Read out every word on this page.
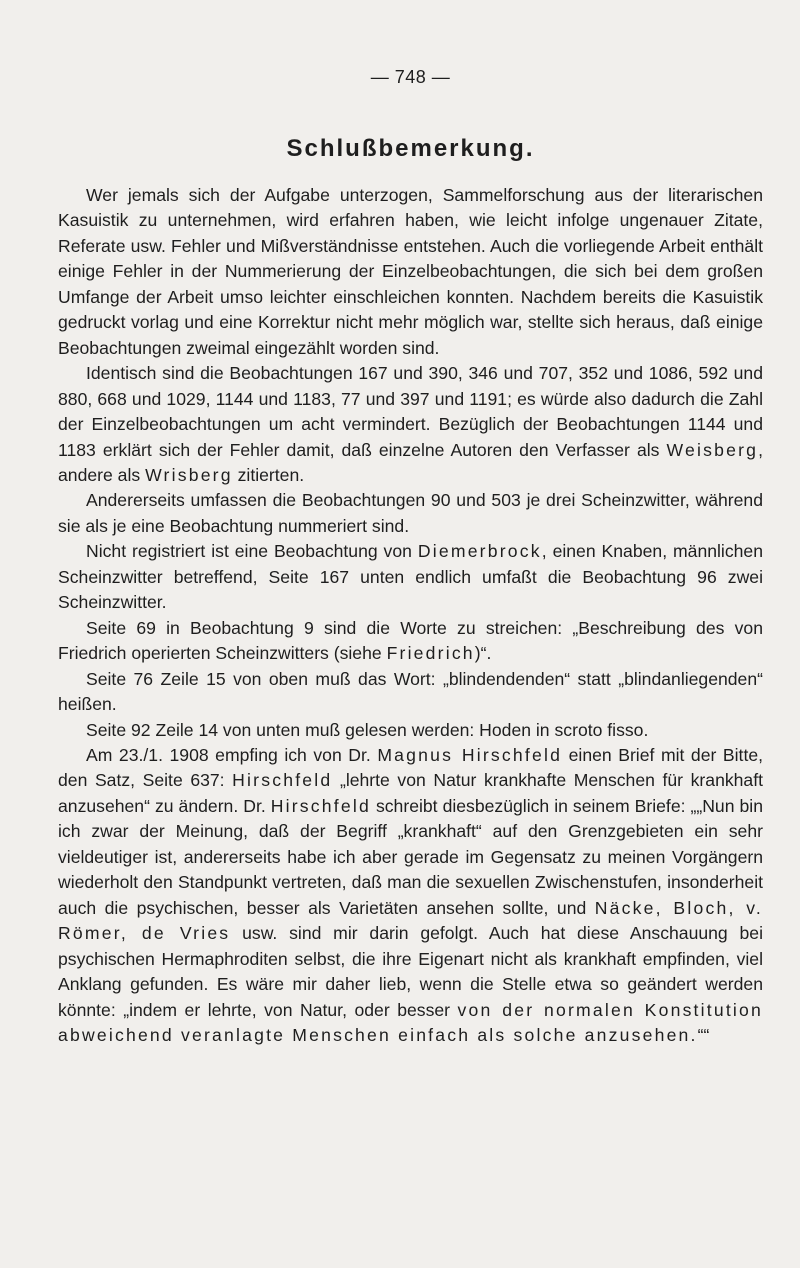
— 748 —
Schlußbemerkung.

Wer jemals sich der Aufgabe unterzogen, Sammelforschung aus der literarischen Kasuistik zu unternehmen, wird erfahren haben, wie leicht infolge ungenauer Zitate, Referate usw. Fehler und Mißverständnisse entstehen. Auch die vorliegende Arbeit enthält einige Fehler in der Nummerierung der Einzelbeobachtungen, die sich bei dem großen Umfange der Arbeit umso leichter einschleichen konnten. Nachdem bereits die Kasuistik gedruckt vorlag und eine Korrektur nicht mehr möglich war, stellte sich heraus, daß einige Beobachtungen zweimal eingezählt worden sind.

Identisch sind die Beobachtungen 167 und 390, 346 und 707, 352 und 1086, 592 und 880, 668 und 1029, 1144 und 1183, 77 und 397 und 1191; es würde also dadurch die Zahl der Einzelbeobachtungen um acht vermindert. Bezüglich der Beobachtungen 1144 und 1183 erklärt sich der Fehler damit, daß einzelne Autoren den Verfasser als Weisberg, andere als Wrisberg zitierten.

Andererseits umfassen die Beobachtungen 90 und 503 je drei Scheinzwitter, während sie als je eine Beobachtung nummeriert sind.

Nicht registriert ist eine Beobachtung von Diemerbrock, einen Knaben, männlichen Scheinzwitter betreffend, Seite 167 unten endlich umfaßt die Beobachtung 96 zwei Scheinzwitter.

Seite 69 in Beobachtung 9 sind die Worte zu streichen: „Beschreibung des von Friedrich operierten Scheinzwitters (siehe Friedrich)“.

Seite 76 Zeile 15 von oben muß das Wort: „blindendenden“ statt „blindanliegenden“ heißen.

Seite 92 Zeile 14 von unten muß gelesen werden: Hoden in scroto fisso.

Am 23./1. 1908 empfing ich von Dr. Magnus Hirschfeld einen Brief mit der Bitte, den Satz, Seite 637: Hirschfeld „lehrte von Natur krankhafte Menschen für krankhaft anzusehen“ zu ändern. Dr. Hirschfeld schreibt diesbezüglich in seinem Briefe: „„Nun bin ich zwar der Meinung, daß der Begriff „krankhaft“ auf den Grenzgebieten ein sehr vieldeutiger ist, andererseits habe ich aber gerade im Gegensatz zu meinen Vorgängern wiederholt den Standpunkt vertreten, daß man die sexuellen Zwischenstufen, insonderheit auch die psychischen, besser als Varietäten ansehen sollte, und Näcke, Bloch, v. Römer, de Vries usw. sind mir darin gefolgt. Auch hat diese Anschauung bei psychischen Hermaphroditen selbst, die ihre Eigenart nicht als krankhaft empfinden, viel Anklang gefunden. Es wäre mir daher lieb, wenn die Stelle etwa so geändert werden könnte: „indem er lehrte, von Natur, oder besser von der normalen Konstitution abweichend veranlagte Menschen einfach als solche anzusehen.““
